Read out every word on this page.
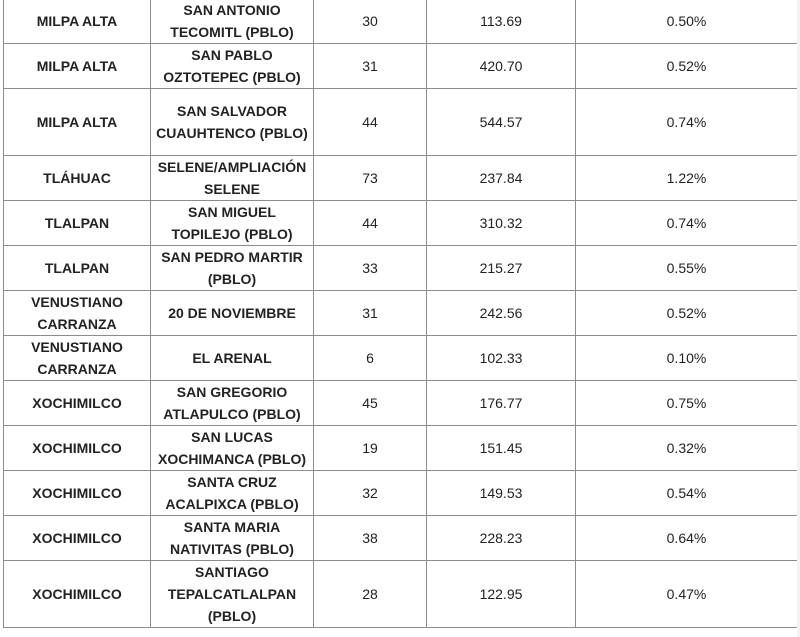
MILPA ALTA	SAN ANTONIO TECOMITL (PBLO)	30	113.69	0.50%
MILPA ALTA	SAN PABLO OZTOTEPEC (PBLO)	31	420.70	0.52%
MILPA ALTA	SAN SALVADOR CUAUHTENCO (PBLO)	44	544.57	0.74%
TLÁHUAC	SELENE/AMPLIACIÓN SELENE	73	237.84	1.22%
TLALPAN	SAN MIGUEL TOPILEJO (PBLO)	44	310.32	0.74%
TLALPAN	SAN PEDRO MARTIR (PBLO)	33	215.27	0.55%
VENUSTIANO CARRANZA	20 DE NOVIEMBRE	31	242.56	0.52%
VENUSTIANO CARRANZA	EL ARENAL	6	102.33	0.10%
XOCHIMILCO	SAN GREGORIO ATLAPULCO (PBLO)	45	176.77	0.75%
XOCHIMILCO	SAN LUCAS XOCHIMANCA (PBLO)	19	151.45	0.32%
XOCHIMILCO	SANTA CRUZ ACALPIXCA (PBLO)	32	149.53	0.54%
XOCHIMILCO	SANTA MARIA NATIVITAS (PBLO)	38	228.23	0.64%
XOCHIMILCO	SANTIAGO TEPALCATLALPAN (PBLO)	28	122.95	0.47%
